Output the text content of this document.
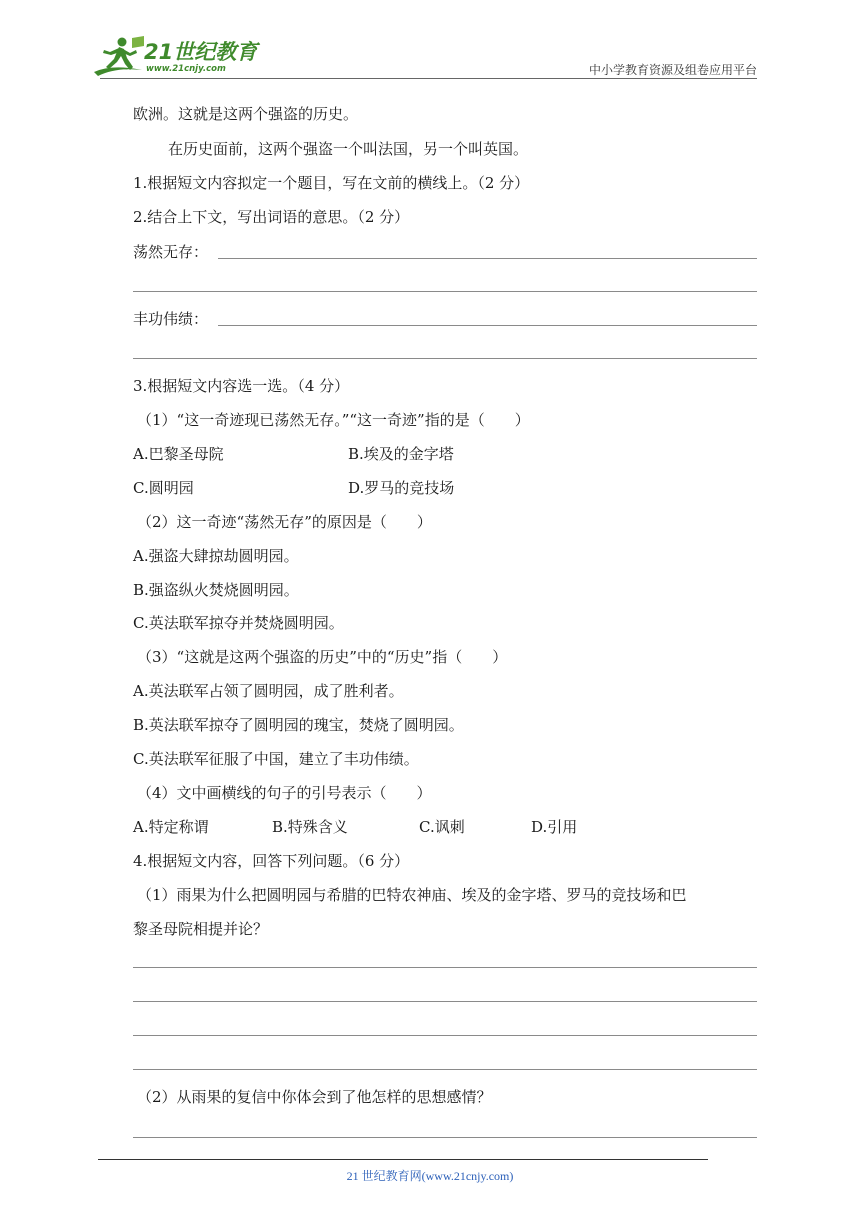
21世纪教育
www.21cnjy.com	中小学教育资源及组卷应用平台
欧洲。这就是这两个强盗的历史。
在历史面前，这两个强盗一个叫法国，另一个叫英国。
1.根据短文内容拟定一个题目，写在文前的横线上。（2 分）
2.结合上下文，写出词语的意思。（2 分）
荡然无存：
丰功伟绩：
3.根据短文内容选一选。（4 分）
（1）“这一奇迹现已荡然无存。”“这一奇迹”指的是（　　）
A.巴黎圣母院	B.埃及的金字塔
C.圆明园	D.罗马的竞技场
（2）这一奇迹“荡然无存”的原因是（　　）
A.强盗大肆掠劫圆明园。
B.强盗纵火焚烧圆明园。
C.英法联军掠夺并焚烧圆明园。
（3）“这就是这两个强盗的历史”中的“历史”指（　　）
A.英法联军占领了圆明园，成了胜利者。
B.英法联军掠夺了圆明园的瑰宝，焚烧了圆明园。
C.英法联军征服了中国，建立了丰功伟绩。
（4）文中画横线的句子的引号表示（　　）
A.特定称谓	B.特殊含义	C.讽刺	D.引用
4.根据短文内容，回答下列问题。（6 分）
（1）雨果为什么把圆明园与希腊的巴特农神庙、埃及的金字塔、罗马的竞技场和巴
黎圣母院相提并论？
（2）从雨果的复信中你体会到了他怎样的思想感情？
21 世纪教育网(www.21cnjy.com)
